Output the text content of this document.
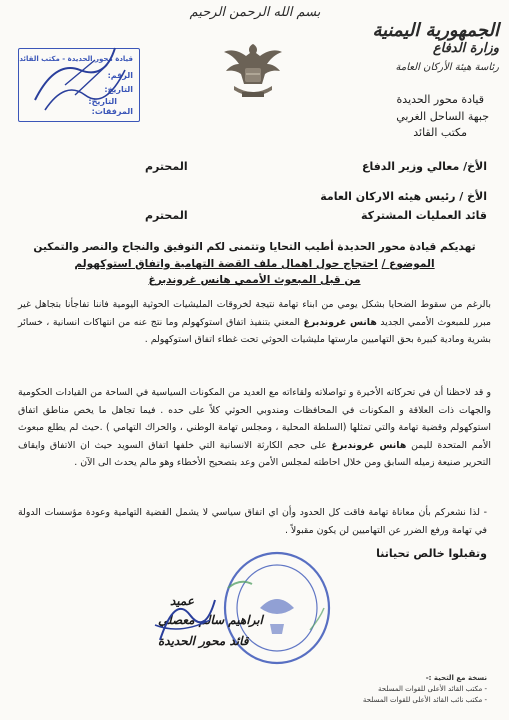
بسم الله الرحمن الرحيم
الجمهورية اليمنية
وزارة الدفاع
رئاسة هيئة الأركان العامة
قيادة محور الحديدة
جبهة الساحل الغربي
مكتب القائد
قيادة محور الحديدة - مكتب القائد
الرقم:
التاريخ:
التاريخ:
المرفقات:
الأخ/ معالي وزير الدفاع
المحترم
الأخ / رئيس هيئه الاركان العامة
قائد العمليات المشتركة
المحترم
تهديكم قيادة محور الحديدة أطيب التحايا وتتمنى لكم التوفيق والنجاح والنصر والتمكين
الموضوع / احتجاج حول اهمال ملف القضة التهامية واتفاق استوكهولم
من قبل المبعوث الأممي هانس غروندبرغ
بالرغم من سقوط الضحايا بشكل يومي من ابناء تهامة نتيجة لخروقات المليشيات الحوثية اليومية فاننا تفاجأنا بتجاهل غير مبرر للمبعوث الأممي الجديد هانس غروندبرغ المعني بتنفيذ اتفاق استوكهولم وما نتج عنه من انتهاكات انسانية ، خسائر بشرية ومادية كبيرة بحق التهاميين مارستها مليشيات الحوثي تحت غطاء اتفاق استوكهولم .
و قد لاحظنا أن في تحركاته الأخيرة و تواصلاته ولقاءاته مع العديد من المكونات السياسية في الساحة من القيادات الحكومية والجهات ذات العلاقة و المكونات في المحافظات ومندوبي الحوثي كلاً على حده . فيما تجاهل ما يخص مناطق اتفاق استوكهولم وقضية تهامة والتي تمثلها (السلطة المحلية ، ومجلس تهامة الوطني ، والحراك التهامي ) .حيث لم يطلع مبعوث الأمم المتحدة لليمن هانس غروندبرغ على حجم الكارثة الانسانية التي خلفها اتفاق السويد حيث ان الاتفاق وايقاف التحرير صنيعة زميله السابق ومن خلال احاطته لمجلس الأمن وعد بتصحيح الأخطاء وهو مالم يحدث الى الآن .
- لذا نشعركم بأن معاناة تهامة فاقت كل الحدود وأن اي اتفاق سياسي لا يشمل القضية التهامية وعودة مؤسسات الدولة في تهامة ورفع الضرر عن التهاميين لن يكون مقبولاً .
وتقبلوا خالص تحياتنا
عميد
ابراهيم سالم معصلي
قائد محور الحديدة
نسخة مع التحية :-
- مكتب القائد الأعلى للقوات المسلحة
- مكتب نائب القائد الأعلى للقوات المسلحة
